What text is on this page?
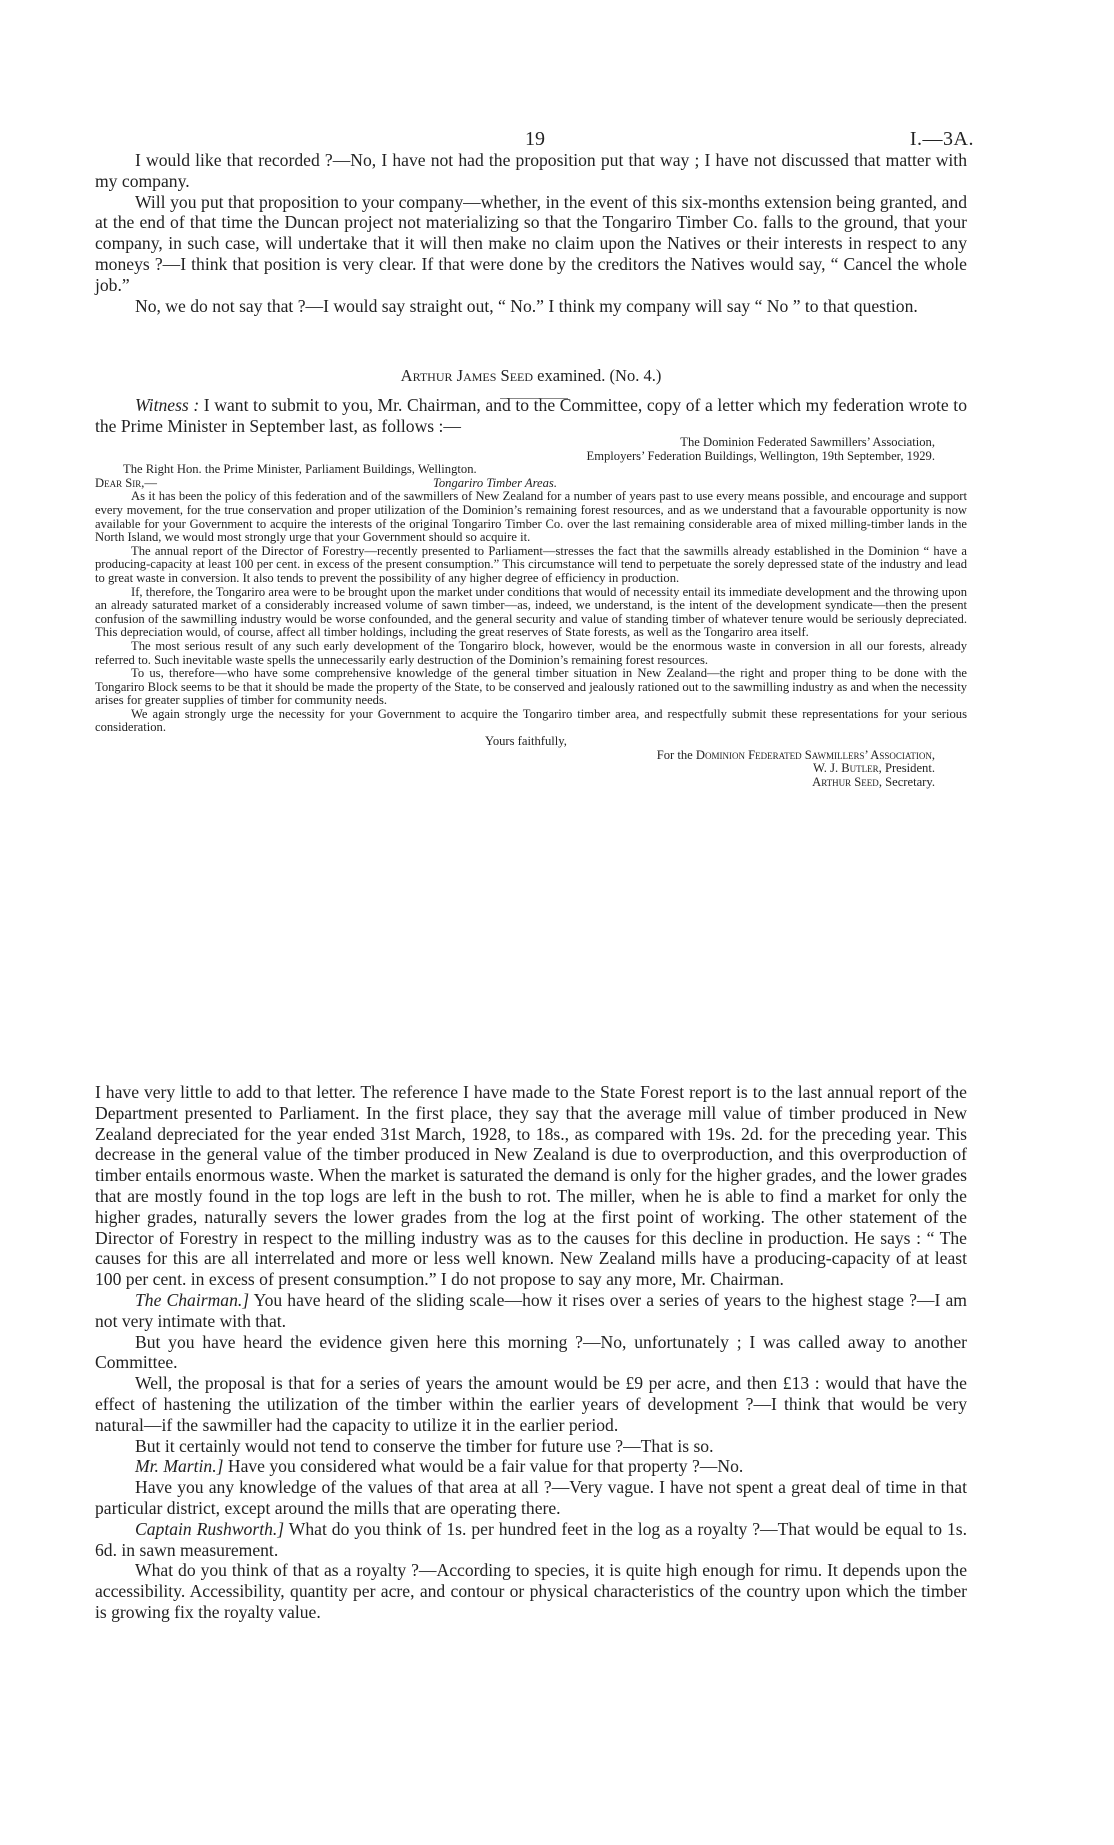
19	I.—3A.

I would like that recorded ?—No, I have not had the proposition put that way ; I have not discussed that matter with my company.

Will you put that proposition to your company—whether, in the event of this six-months extension being granted, and at the end of that time the Duncan project not materializing so that the Tongariro Timber Co. falls to the ground, that your company, in such case, will undertake that it will then make no claim upon the Natives or their interests in respect to any moneys ?—I think that position is very clear. If that were done by the creditors the Natives would say, “ Cancel the whole job.”

No, we do not say that ?—I would say straight out, “ No.” I think my company will say “ No ” to that question.

Arthur James Seed examined. (No. 4.)

Witness : I want to submit to you, Mr. Chairman, and to the Committee, copy of a letter which my federation wrote to the Prime Minister in September last, as follows :—

The Dominion Federated Sawmillers’ Association,

Employers’ Federation Buildings, Wellington, 19th September, 1929.

The Right Hon. the Prime Minister, Parliament Buildings, Wellington.

Dear Sir,—	Tongariro Timber Areas.

As it has been the policy of this federation and of the sawmillers of New Zealand for a number of years past to use every means possible, and encourage and support every movement, for the true conservation and proper utilization of the Dominion’s remaining forest resources, and as we understand that a favourable opportunity is now available for your Government to acquire the interests of the original Tongariro Timber Co. over the last remaining considerable area of mixed milling-timber lands in the North Island, we would most strongly urge that your Government should so acquire it.

The annual report of the Director of Forestry—recently presented to Parliament—stresses the fact that the sawmills already established in the Dominion “ have a producing-capacity at least 100 per cent. in excess of the present consumption.” This circumstance will tend to perpetuate the sorely depressed state of the industry and lead to great waste in conversion. It also tends to prevent the possibility of any higher degree of efficiency in production.

If, therefore, the Tongariro area were to be brought upon the market under conditions that would of necessity entail its immediate development and the throwing upon an already saturated market of a considerably increased volume of sawn timber—as, indeed, we understand, is the intent of the development syndicate—then the present confusion of the sawmilling industry would be worse confounded, and the general security and value of standing timber of whatever tenure would be seriously depreciated. This depreciation would, of course, affect all timber holdings, including the great reserves of State forests, as well as the Tongariro area itself.

The most serious result of any such early development of the Tongariro block, however, would be the enormous waste in conversion in all our forests, already referred to. Such inevitable waste spells the unnecessarily early destruction of the Dominion’s remaining forest resources.

To us, therefore—who have some comprehensive knowledge of the general timber situation in New Zealand—the right and proper thing to be done with the Tongariro Block seems to be that it should be made the property of the State, to be conserved and jealously rationed out to the sawmilling industry as and when the necessity arises for greater supplies of timber for community needs.

We again strongly urge the necessity for your Government to acquire the Tongariro timber area, and respectfully submit these representations for your serious consideration.

Yours faithfully,

For the Dominion Federated Sawmillers’ Association,

W. J. Butler, President.

Arthur Seed, Secretary.

I have very little to add to that letter. The reference I have made to the State Forest report is to the last annual report of the Department presented to Parliament. In the first place, they say that the average mill value of timber produced in New Zealand depreciated for the year ended 31st March, 1928, to 18s., as compared with 19s. 2d. for the preceding year. This decrease in the general value of the timber produced in New Zealand is due to overproduction, and this overproduction of timber entails enormous waste. When the market is saturated the demand is only for the higher grades, and the lower grades that are mostly found in the top logs are left in the bush to rot. The miller, when he is able to find a market for only the higher grades, naturally severs the lower grades from the log at the first point of working. The other statement of the Director of Forestry in respect to the milling industry was as to the causes for this decline in production. He says : “ The causes for this are all interrelated and more or less well known. New Zealand mills have a producing-capacity of at least 100 per cent. in excess of present consumption.” I do not propose to say any more, Mr. Chairman.

The Chairman.] You have heard of the sliding scale—how it rises over a series of years to the highest stage ?—I am not very intimate with that.

But you have heard the evidence given here this morning ?—No, unfortunately ; I was called away to another Committee.

Well, the proposal is that for a series of years the amount would be £9 per acre, and then £13 : would that have the effect of hastening the utilization of the timber within the earlier years of development ?—I think that would be very natural—if the sawmiller had the capacity to utilize it in the earlier period.

But it certainly would not tend to conserve the timber for future use ?—That is so.

Mr. Martin.] Have you considered what would be a fair value for that property ?—No.

Have you any knowledge of the values of that area at all ?—Very vague. I have not spent a great deal of time in that particular district, except around the mills that are operating there.

Captain Rushworth.] What do you think of 1s. per hundred feet in the log as a royalty ?—That would be equal to 1s. 6d. in sawn measurement.

What do you think of that as a royalty ?—According to species, it is quite high enough for rimu. It depends upon the accessibility. Accessibility, quantity per acre, and contour or physical characteristics of the country upon which the timber is growing fix the royalty value.
